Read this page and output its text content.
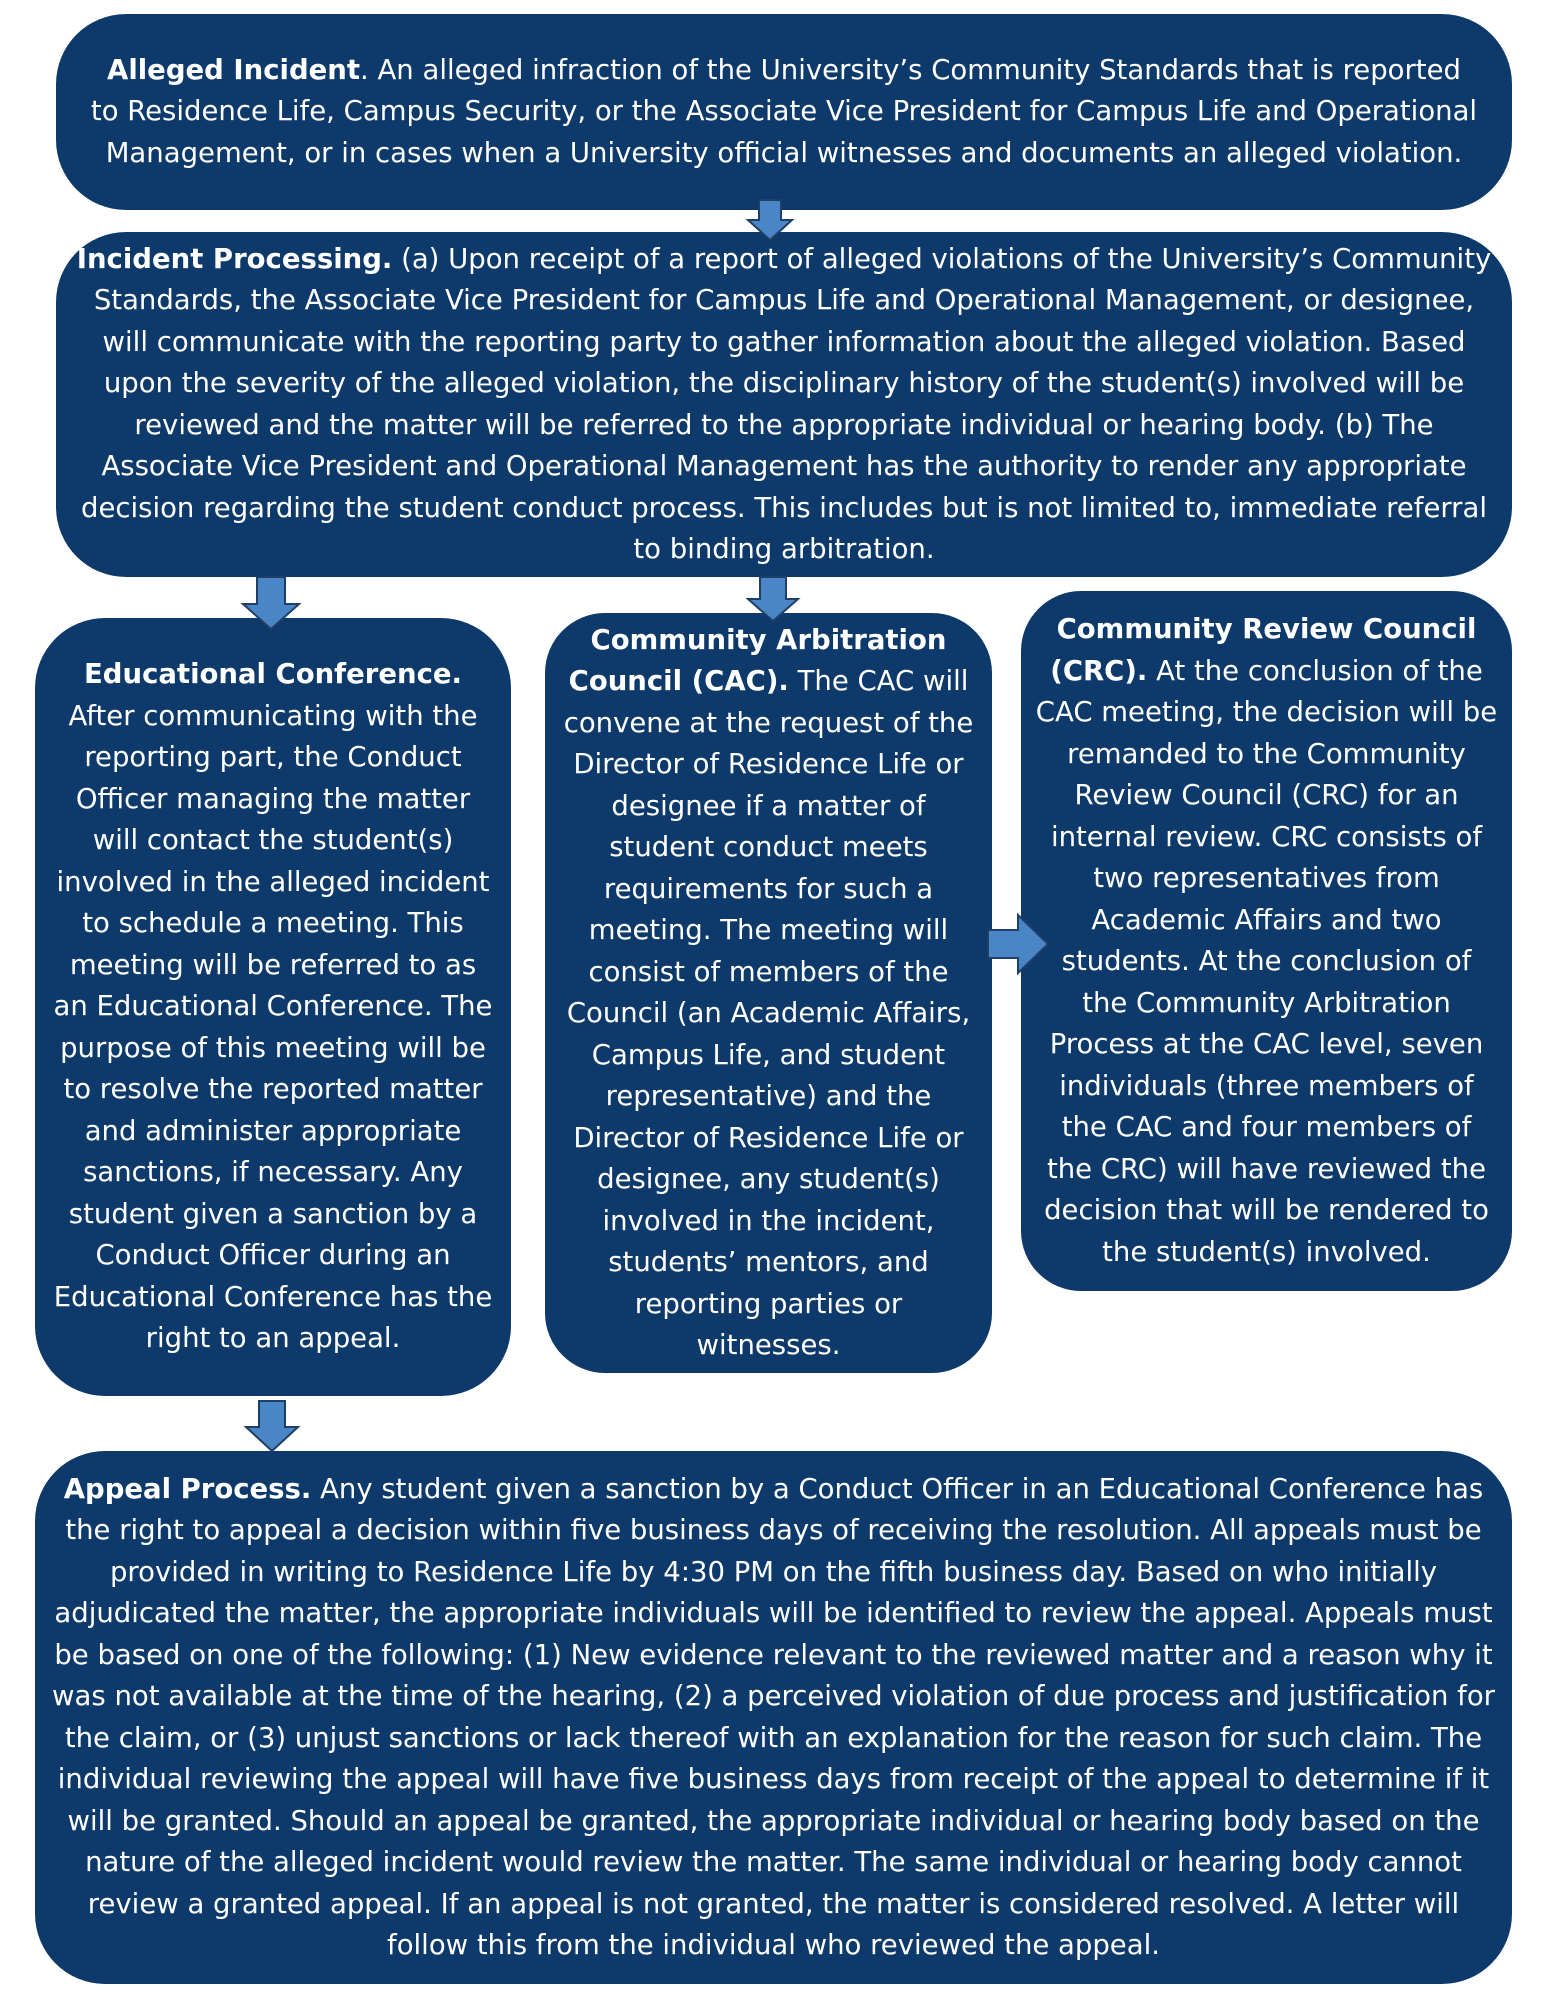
Alleged Incident. An alleged infraction of the University’s Community Standards that is reported to Residence Life, Campus Security, or the Associate Vice President for Campus Life and Operational Management, or in cases when a University official witnesses and documents an alleged violation.

Incident Processing. (a) Upon receipt of a report of alleged violations of the University’s Community Standards, the Associate Vice President for Campus Life and Operational Management, or designee, will communicate with the reporting party to gather information about the alleged violation. Based upon the severity of the alleged violation, the disciplinary history of the student(s) involved will be reviewed and the matter will be referred to the appropriate individual or hearing body. (b) The Associate Vice President and Operational Management has the authority to render any appropriate decision regarding the student conduct process. This includes but is not limited to, immediate referral to binding arbitration.

Educational Conference.
After communicating with the reporting part, the Conduct Officer managing the matter will contact the student(s) involved in the alleged incident to schedule a meeting. This meeting will be referred to as an Educational Conference. The purpose of this meeting will be to resolve the reported matter and administer appropriate sanctions, if necessary. Any student given a sanction by a Conduct Officer during an Educational Conference has the right to an appeal.

Community Arbitration Council (CAC). The CAC will convene at the request of the Director of Residence Life or designee if a matter of student conduct meets requirements for such a meeting. The meeting will consist of members of the Council (an Academic Affairs, Campus Life, and student representative) and the Director of Residence Life or designee, any student(s) involved in the incident, students’ mentors, and reporting parties or witnesses.

Community Review Council (CRC). At the conclusion of the CAC meeting, the decision will be remanded to the Community Review Council (CRC) for an internal review. CRC consists of two representatives from Academic Affairs and two students. At the conclusion of the Community Arbitration Process at the CAC level, seven individuals (three members of the CAC and four members of the CRC) will have reviewed the decision that will be rendered to the student(s) involved.

Appeal Process. Any student given a sanction by a Conduct Officer in an Educational Conference has the right to appeal a decision within five business days of receiving the resolution. All appeals must be provided in writing to Residence Life by 4:30 PM on the fifth business day. Based on who initially adjudicated the matter, the appropriate individuals will be identified to review the appeal. Appeals must be based on one of the following: (1) New evidence relevant to the reviewed matter and a reason why it was not available at the time of the hearing, (2) a perceived violation of due process and justification for the claim, or (3) unjust sanctions or lack thereof with an explanation for the reason for such claim. The individual reviewing the appeal will have five business days from receipt of the appeal to determine if it will be granted. Should an appeal be granted, the appropriate individual or hearing body based on the nature of the alleged incident would review the matter. The same individual or hearing body cannot review a granted appeal. If an appeal is not granted, the matter is considered resolved. A letter will follow this from the individual who reviewed the appeal.
